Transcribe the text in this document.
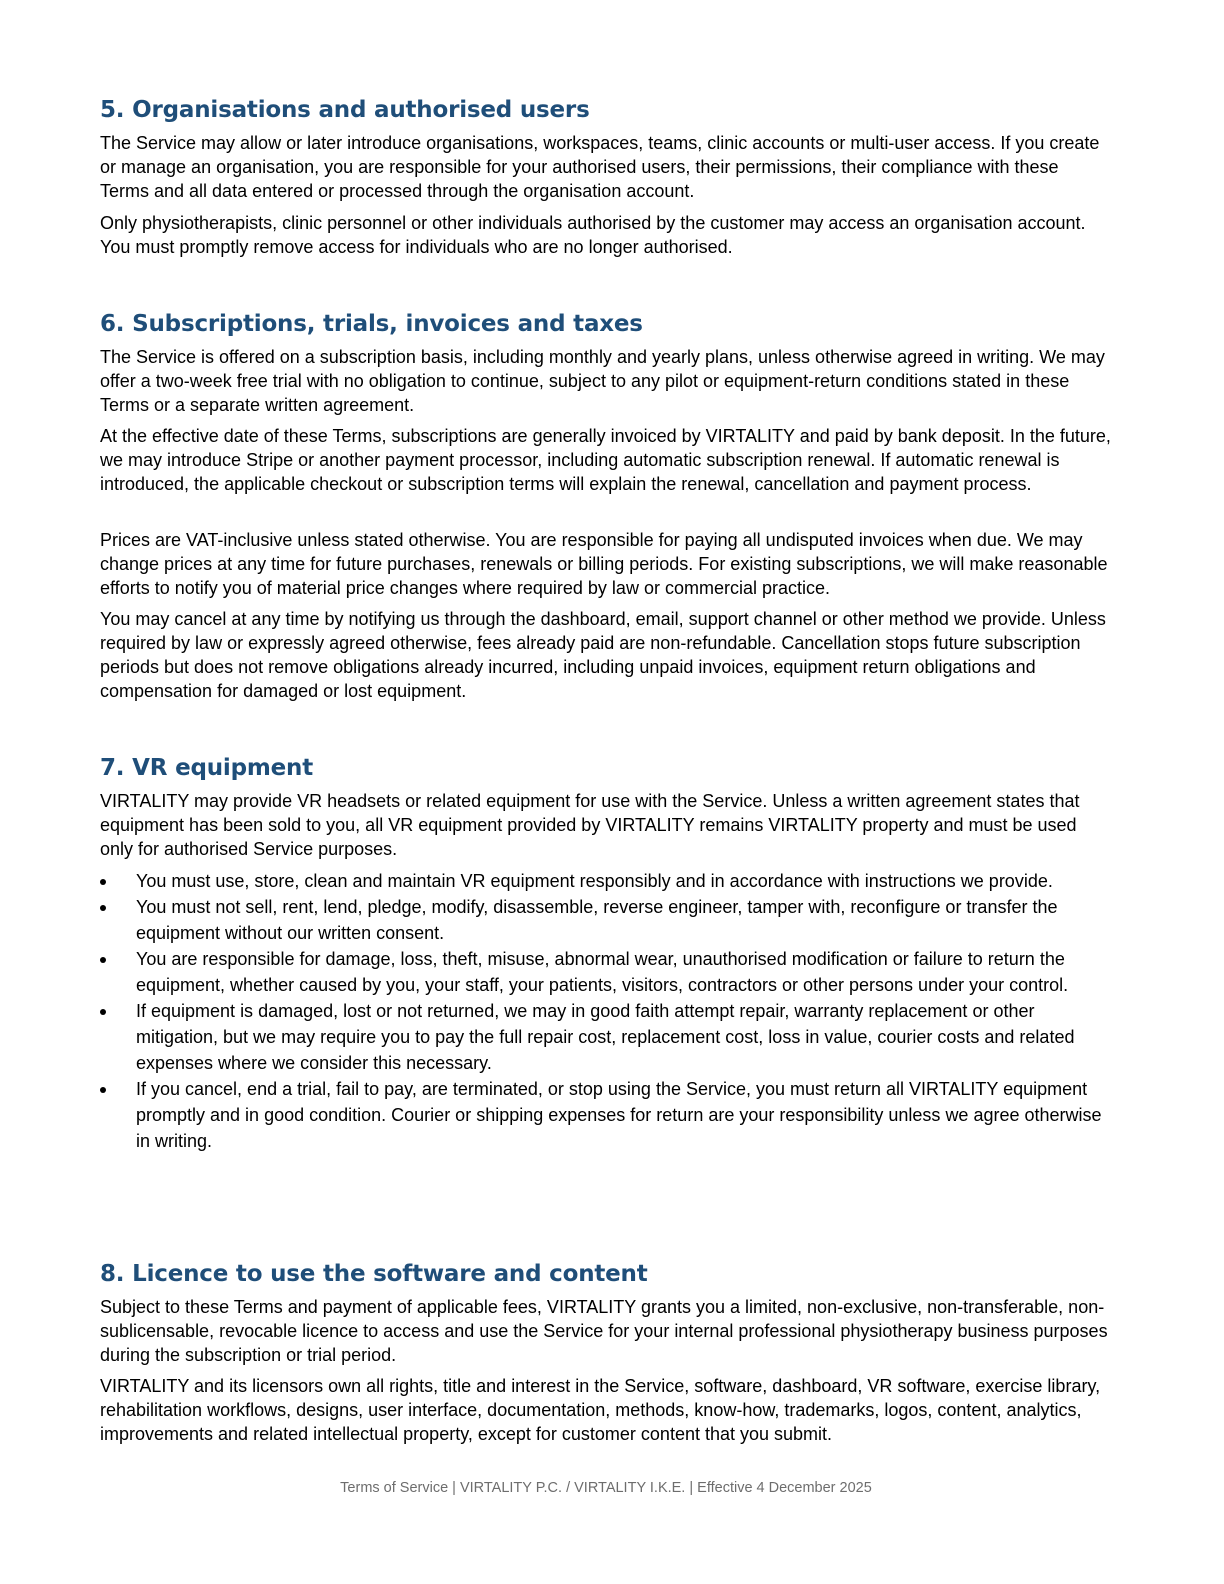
5. Organisations and authorised users

The Service may allow or later introduce organisations, workspaces, teams, clinic accounts or multi-user access. If you create or manage an organisation, you are responsible for your authorised users, their permissions, their compliance with these Terms and all data entered or processed through the organisation account.

Only physiotherapists, clinic personnel or other individuals authorised by the customer may access an organisation account. You must promptly remove access for individuals who are no longer authorised.

6. Subscriptions, trials, invoices and taxes

The Service is offered on a subscription basis, including monthly and yearly plans, unless otherwise agreed in writing. We may offer a two-week free trial with no obligation to continue, subject to any pilot or equipment-return conditions stated in these Terms or a separate written agreement.

At the effective date of these Terms, subscriptions are generally invoiced by VIRTALITY and paid by bank deposit. In the future, we may introduce Stripe or another payment processor, including automatic subscription renewal. If automatic renewal is introduced, the applicable checkout or subscription terms will explain the renewal, cancellation and payment process.

Prices are VAT-inclusive unless stated otherwise. You are responsible for paying all undisputed invoices when due. We may change prices at any time for future purchases, renewals or billing periods. For existing subscriptions, we will make reasonable efforts to notify you of material price changes where required by law or commercial practice.

You may cancel at any time by notifying us through the dashboard, email, support channel or other method we provide. Unless required by law or expressly agreed otherwise, fees already paid are non-refundable. Cancellation stops future subscription periods but does not remove obligations already incurred, including unpaid invoices, equipment return obligations and compensation for damaged or lost equipment.

7. VR equipment

VIRTALITY may provide VR headsets or related equipment for use with the Service. Unless a written agreement states that equipment has been sold to you, all VR equipment provided by VIRTALITY remains VIRTALITY property and must be used only for authorised Service purposes.

You must use, store, clean and maintain VR equipment responsibly and in accordance with instructions we provide.
You must not sell, rent, lend, pledge, modify, disassemble, reverse engineer, tamper with, reconfigure or transfer the equipment without our written consent.
You are responsible for damage, loss, theft, misuse, abnormal wear, unauthorised modification or failure to return the equipment, whether caused by you, your staff, your patients, visitors, contractors or other persons under your control.
If equipment is damaged, lost or not returned, we may in good faith attempt repair, warranty replacement or other mitigation, but we may require you to pay the full repair cost, replacement cost, loss in value, courier costs and related expenses where we consider this necessary.
If you cancel, end a trial, fail to pay, are terminated, or stop using the Service, you must return all VIRTALITY equipment promptly and in good condition. Courier or shipping expenses for return are your responsibility unless we agree otherwise in writing.
8. Licence to use the software and content

Subject to these Terms and payment of applicable fees, VIRTALITY grants you a limited, non-exclusive, non-transferable, non-sublicensable, revocable licence to access and use the Service for your internal professional physiotherapy business purposes during the subscription or trial period.

VIRTALITY and its licensors own all rights, title and interest in the Service, software, dashboard, VR software, exercise library, rehabilitation workflows, designs, user interface, documentation, methods, know-how, trademarks, logos, content, analytics, improvements and related intellectual property, except for customer content that you submit.

Terms of Service | VIRTALITY P.C. / VIRTALITY I.K.E. | Effective 4 December 2025
